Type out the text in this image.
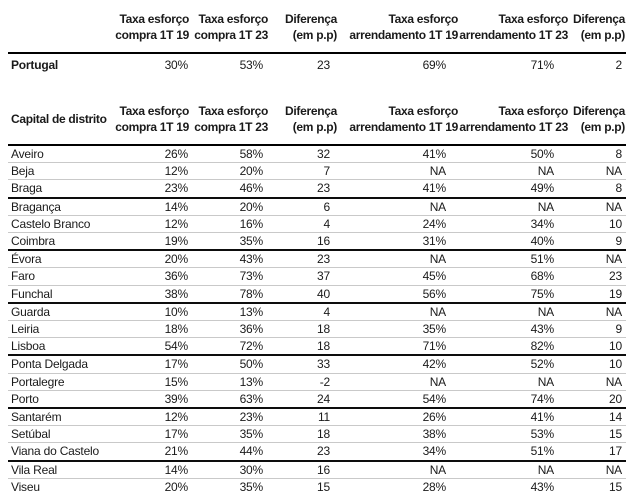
	Taxa esforço
compra 1T 19	Taxa esforço
compra 1T 23	Diferença
(em p.p)	Taxa esforço
arrendamento 1T 19	Taxa esforço
arrendamento 1T 23	Diferença
(em p.p)

Portugal	30%	53%	23	69%	71%	2
Capital de distrito	Taxa esforço
compra 1T 19	Taxa esforço
compra 1T 23	Diferença
(em p.p)	Taxa esforço
arrendamento 1T 19	Taxa esforço
arrendamento 1T 23	Diferença
(em p.p)

Aveiro	26%	58%	32	41%	50%	8
Beja	12%	20%	7	NA	NA	NA
Braga	23%	46%	23	41%	49%	8
Bragança	14%	20%	6	NA	NA	NA
Castelo Branco	12%	16%	4	24%	34%	10
Coimbra	19%	35%	16	31%	40%	9
Évora	20%	43%	23	NA	51%	NA
Faro	36%	73%	37	45%	68%	23
Funchal	38%	78%	40	56%	75%	19
Guarda	10%	13%	4	NA	NA	NA
Leiria	18%	36%	18	35%	43%	9
Lisboa	54%	72%	18	71%	82%	10
Ponta Delgada	17%	50%	33	42%	52%	10
Portalegre	15%	13%	-2	NA	NA	NA
Porto	39%	63%	24	54%	74%	20
Santarém	12%	23%	11	26%	41%	14
Setúbal	17%	35%	18	38%	53%	15
Viana do Castelo	21%	44%	23	34%	51%	17
Vila Real	14%	30%	16	NA	NA	NA
Viseu	20%	35%	15	28%	43%	15
